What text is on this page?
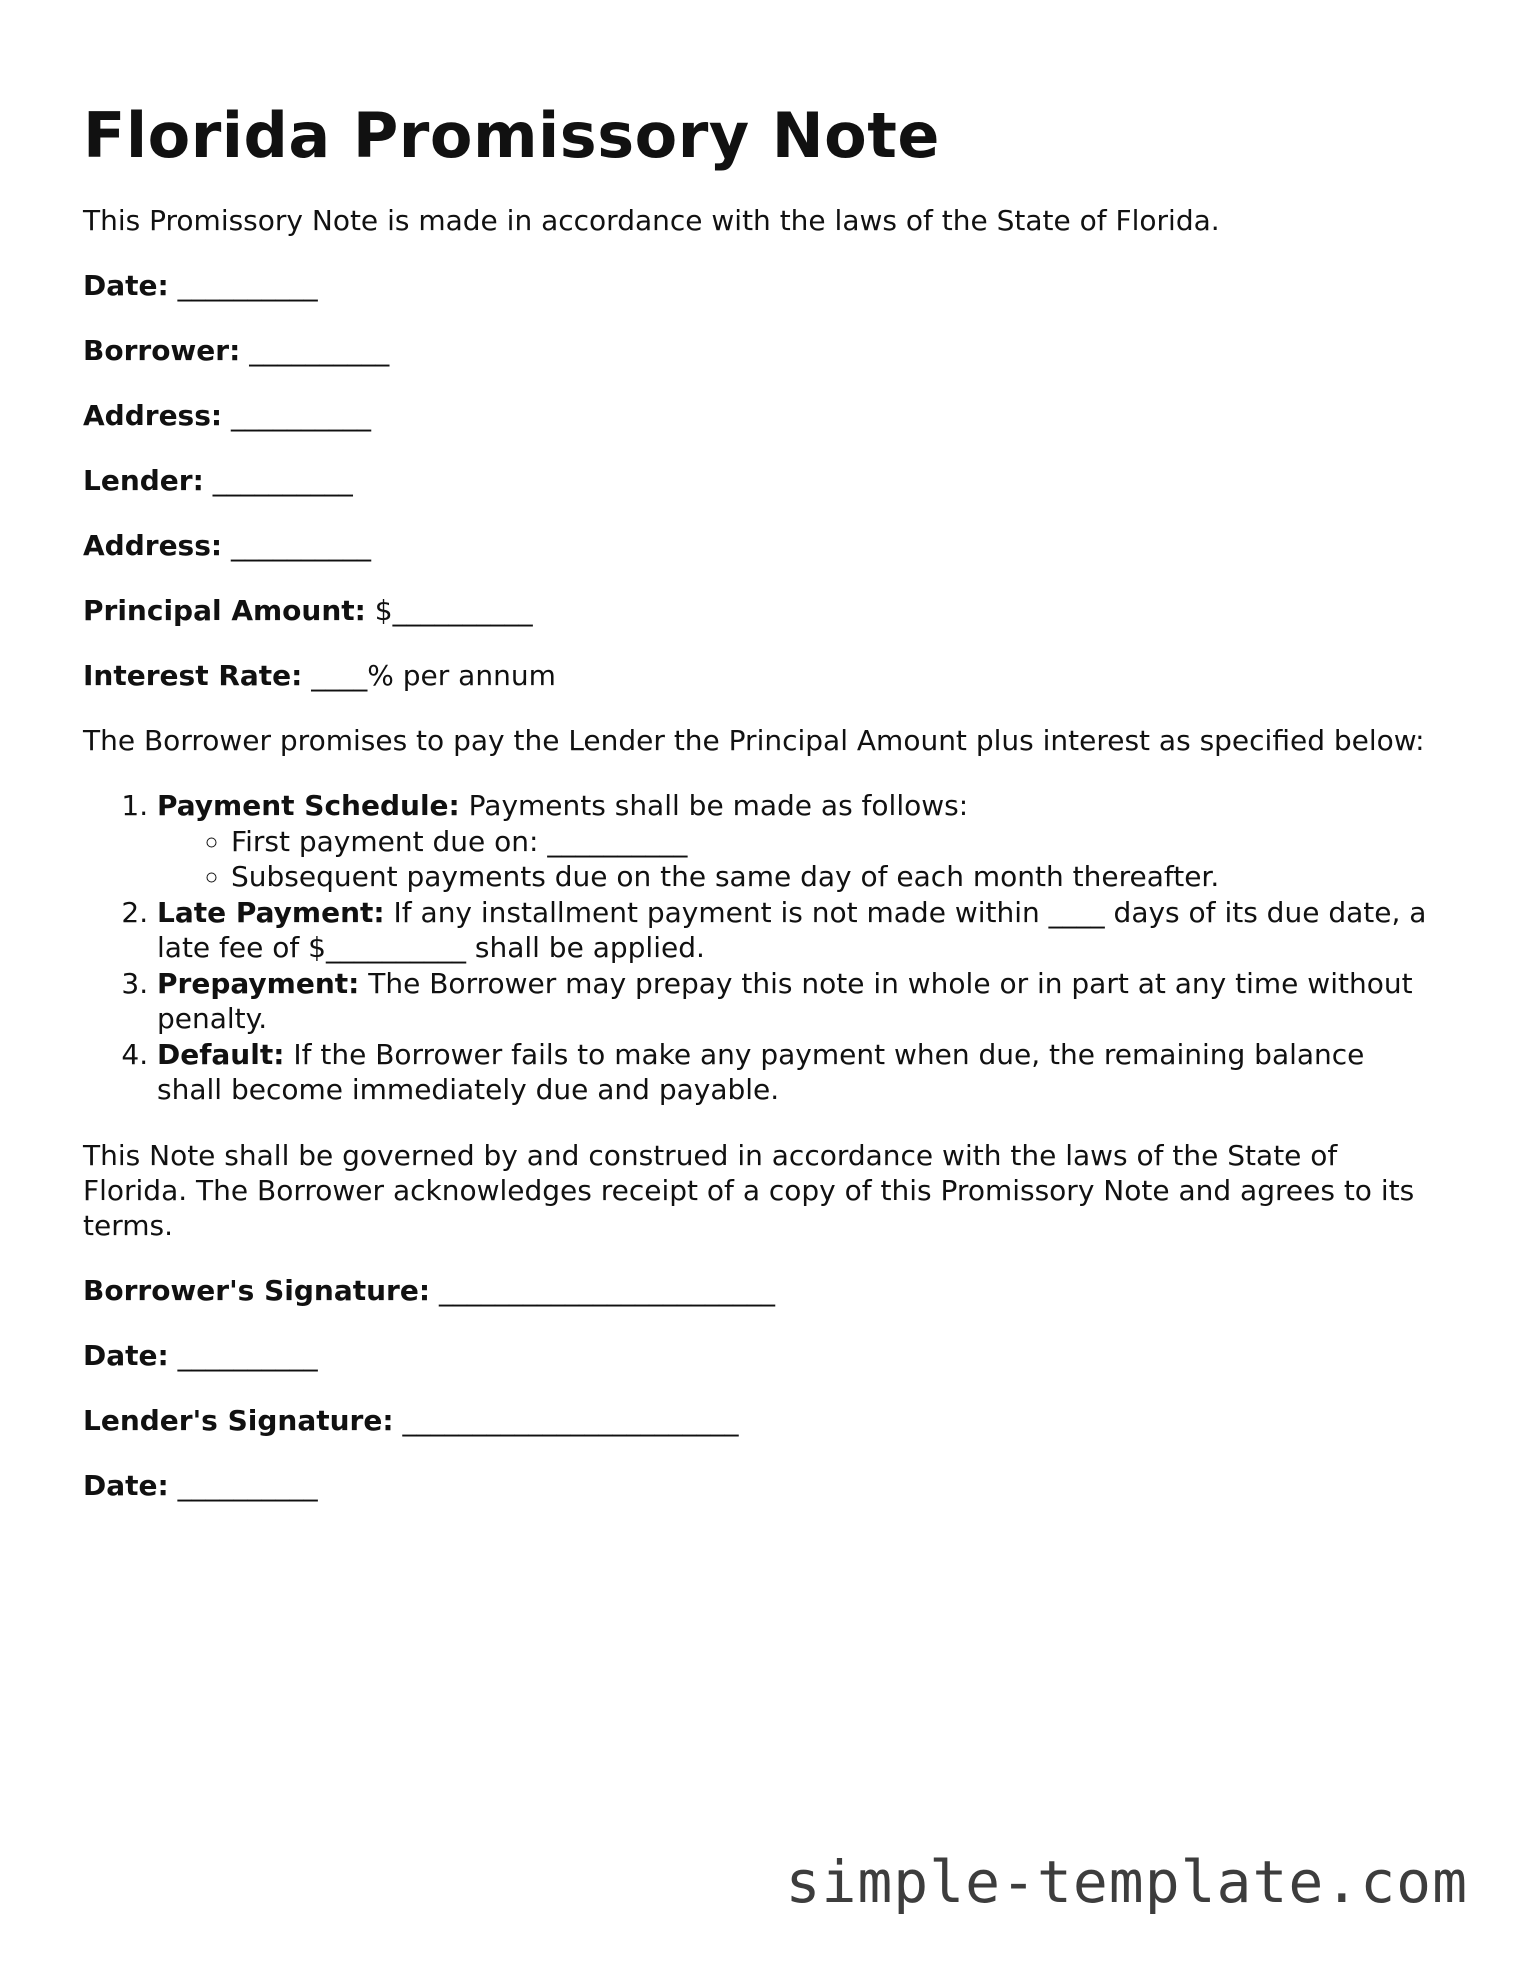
Florida Promissory Note

This Promissory Note is made in accordance with the laws of the State of Florida.

Date: __________

Borrower: __________

Address: __________

Lender: __________

Address: __________

Principal Amount: $__________

Interest Rate: ____% per annum

The Borrower promises to pay the Lender the Principal Amount plus interest as specified below:

1. Payment Schedule: Payments shall be made as follows:
◦ First payment due on: __________
◦ Subsequent payments due on the same day of each month thereafter.
2. Late Payment: If any installment payment is not made within ____ days of its due date, a late fee of $__________ shall be applied.
3. Prepayment: The Borrower may prepay this note in whole or in part at any time without penalty.
4. Default: If the Borrower fails to make any payment when due, the remaining balance shall become immediately due and payable.

This Note shall be governed by and construed in accordance with the laws of the State of Florida. The Borrower acknowledges receipt of a copy of this Promissory Note and agrees to its terms.

Borrower's Signature: ________________________

Date: __________

Lender's Signature: ________________________

Date: __________

simple-template.com
